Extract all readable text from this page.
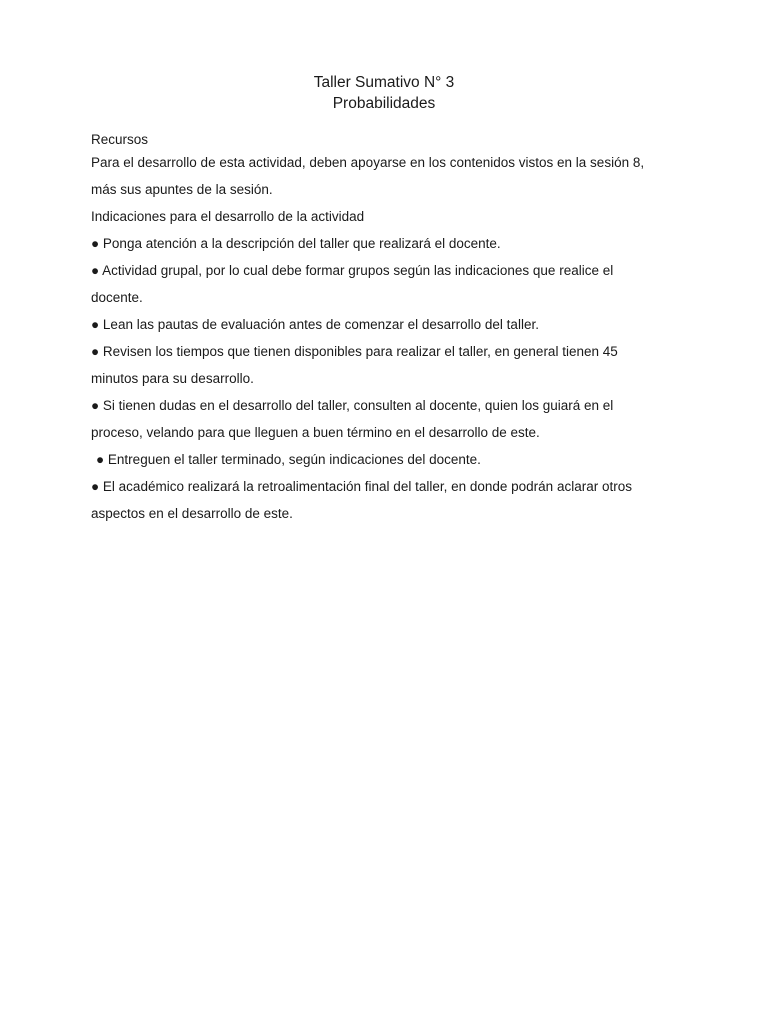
Taller Sumativo N° 3
Probabilidades

Recursos

Para el desarrollo de esta actividad, deben apoyarse en los contenidos vistos en la sesión 8,

más sus apuntes de la sesión.

Indicaciones para el desarrollo de la actividad

● Ponga atención a la descripción del taller que realizará el docente.

● Actividad grupal, por lo cual debe formar grupos según las indicaciones que realice el

docente.

● Lean las pautas de evaluación antes de comenzar el desarrollo del taller.

● Revisen los tiempos que tienen disponibles para realizar el taller, en general tienen 45

minutos para su desarrollo.

● Si tienen dudas en el desarrollo del taller, consulten al docente, quien los guiará en el

proceso, velando para que lleguen a buen término en el desarrollo de este.

● Entreguen el taller terminado, según indicaciones del docente.

● El académico realizará la retroalimentación final del taller, en donde podrán aclarar otros

aspectos en el desarrollo de este.
